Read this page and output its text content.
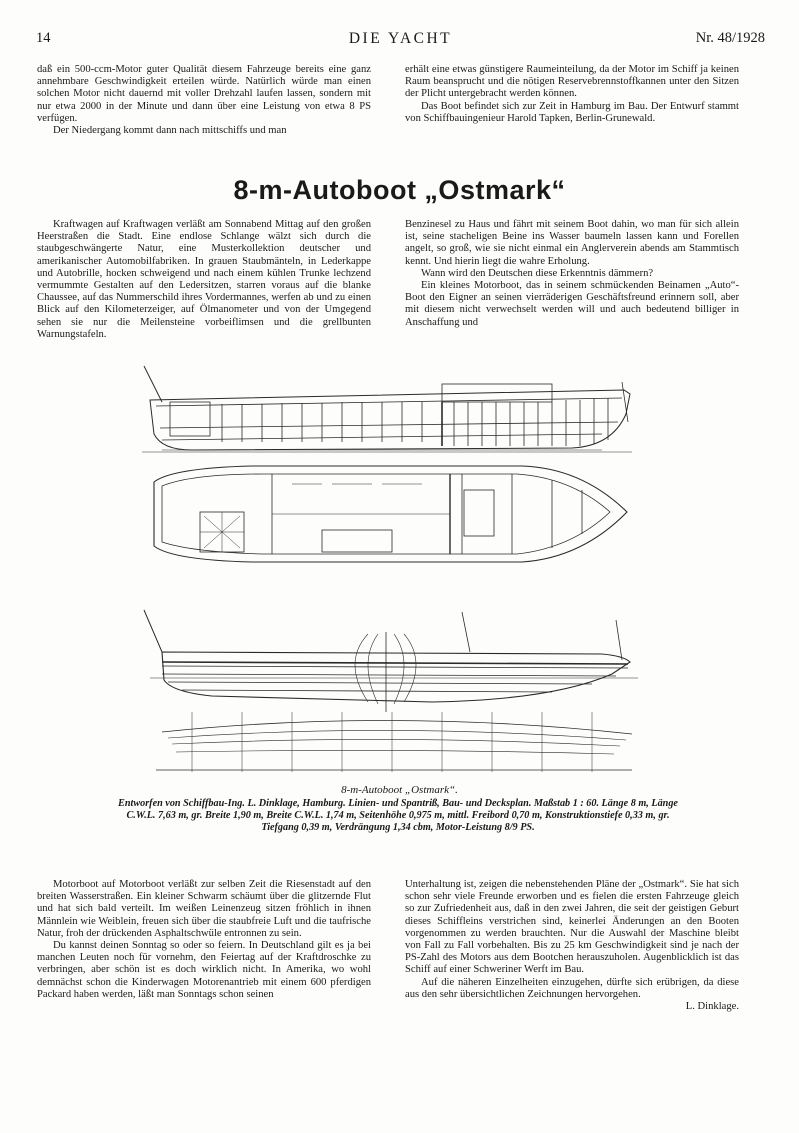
14	DIE YACHT	Nr. 48/1928

daß ein 500-ccm-Motor guter Qualität diesem Fahrzeuge bereits eine ganz annehmbare Geschwindigkeit erteilen würde. Natürlich würde man einen solchen Motor nicht dauernd mit voller Drehzahl laufen lassen, sondern mit nur etwa 2000 in der Minute und dann über eine Leistung von etwa 8 PS verfügen.

Der Niedergang kommt dann nach mittschiffs und man

erhält eine etwas günstigere Raumeinteilung, da der Motor im Schiff ja keinen Raum beansprucht und die nötigen Reservebrennstoffkannen unter den Sitzen der Plicht untergebracht werden können.

Das Boot befindet sich zur Zeit in Hamburg im Bau. Der Entwurf stammt von Schiffbauingenieur Harold Tapken, Berlin-Grunewald.

8-m-Autoboot „Ostmark“

Kraftwagen auf Kraftwagen verläßt am Sonnabend Mittag auf den großen Heerstraßen die Stadt. Eine endlose Schlange wälzt sich durch die staubgeschwängerte Natur, eine Musterkollektion deutscher und amerikanischer Automobilfabriken. In grauen Staubmänteln, in Lederkappe und Autobrille, hocken schweigend und nach einem kühlen Trunke lechzend vermummte Gestalten auf den Ledersitzen, starren voraus auf die blanke Chaussee, auf das Nummerschild ihres Vordermannes, werfen ab und zu einen Blick auf den Kilometerzeiger, auf Ölmanometer und von der Umgegend sehen sie nur die Meilensteine vorbeiflimsen und die grellbunten Warnungstafeln.

Benzinesel zu Haus und fährt mit seinem Boot dahin, wo man für sich allein ist, seine stacheligen Beine ins Wasser baumeln lassen kann und Forellen angelt, so groß, wie sie nicht einmal ein Anglerverein abends am Stammtisch kennt. Und hierin liegt die wahre Erholung.

Wann wird den Deutschen diese Erkenntnis dämmern?

Ein kleines Motorboot, das in seinem schmückenden Beinamen „Auto“-Boot den Eigner an seinen vierräderigen Geschäftsfreund erinnern soll, aber mit diesem nicht verwechselt werden will und auch bedeutend billiger in Anschaffung und

8-m-Autoboot „Ostmark“.
Entworfen von Schiffbau-Ing. L. Dinklage, Hamburg. Linien- und Spantriß, Bau- und Decksplan. Maßstab 1 : 60. Länge 8 m, Länge C.W.L. 7,63 m, gr. Breite 1,90 m, Breite C.W.L. 1,74 m, Seitenhöhe 0,975 m, mittl. Freibord 0,70 m, Konstruktionstiefe 0,33 m, gr. Tiefgang 0,39 m, Verdrängung 1,34 cbm, Motor-Leistung 8/9 PS.

Motorboot auf Motorboot verläßt zur selben Zeit die Riesenstadt auf den breiten Wasserstraßen. Ein kleiner Schwarm schäumt über die glitzernde Flut und hat sich bald verteilt. Im weißen Leinenzeug sitzen fröhlich in ihnen Männlein wie Weiblein, freuen sich über die staubfreie Luft und die taufrische Natur, froh der drückenden Asphaltschwüle entronnen zu sein.

Du kannst deinen Sonntag so oder so feiern. In Deutschland gilt es ja bei manchen Leuten noch für vornehm, den Feiertag auf der Kraftdroschke zu verbringen, aber schön ist es doch wirklich nicht. In Amerika, wo wohl demnächst schon die Kinderwagen Motorenantrieb mit einem 600 pferdigen Packard haben werden, läßt man Sonntags schon seinen

Unterhaltung ist, zeigen die nebenstehenden Pläne der „Ostmark“. Sie hat sich schon sehr viele Freunde erworben und es fielen die ersten Fahrzeuge gleich so zur Zufriedenheit aus, daß in den zwei Jahren, die seit der geistigen Geburt dieses Schiffleins verstrichen sind, keinerlei Änderungen an den Booten vorgenommen zu werden brauchten. Nur die Auswahl der Maschine bleibt von Fall zu Fall vorbehalten. Bis zu 25 km Geschwindigkeit sind je nach der PS-Zahl des Motors aus dem Bootchen herauszuholen. Augenblicklich ist das Schiff auf einer Schweriner Werft im Bau.

Auf die näheren Einzelheiten einzugehen, dürfte sich erübrigen, da diese aus den sehr übersichtlichen Zeichnungen hervorgehen.

L. Dinklage.
